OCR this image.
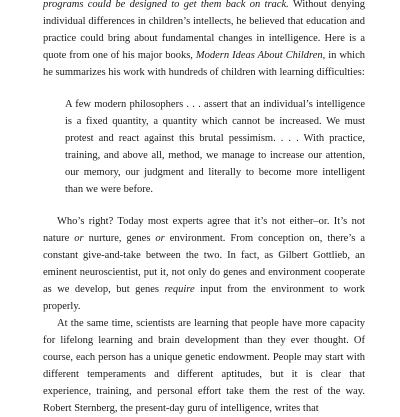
programs could be designed to get them back on track. Without denying individual differences in children’s intellects, he believed that education and practice could bring about fundamental changes in intelligence. Here is a quote from one of his major books, Modern Ideas About Children, in which he summarizes his work with hundreds of children with learning difficulties:

A few modern philosophers . . . assert that an individual’s intelligence is a fixed quantity, a quantity which cannot be increased. We must protest and react against this brutal pessimism. . . . With practice, training, and above all, method, we manage to increase our attention, our memory, our judgment and literally to become more intelligent than we were before.

Who’s right? Today most experts agree that it’s not either–or. It’s not nature or nurture, genes or environment. From conception on, there’s a constant give-and-take between the two. In fact, as Gilbert Gottlieb, an eminent neuroscientist, put it, not only do genes and environment cooperate as we develop, but genes require input from the environment to work properly.

At the same time, scientists are learning that people have more capacity for lifelong learning and brain development than they ever thought. Of course, each person has a unique genetic endowment. People may start with different temperaments and different aptitudes, but it is clear that experience, training, and personal effort take them the rest of the way. Robert Sternberg, the present-day guru of intelligence, writes that
